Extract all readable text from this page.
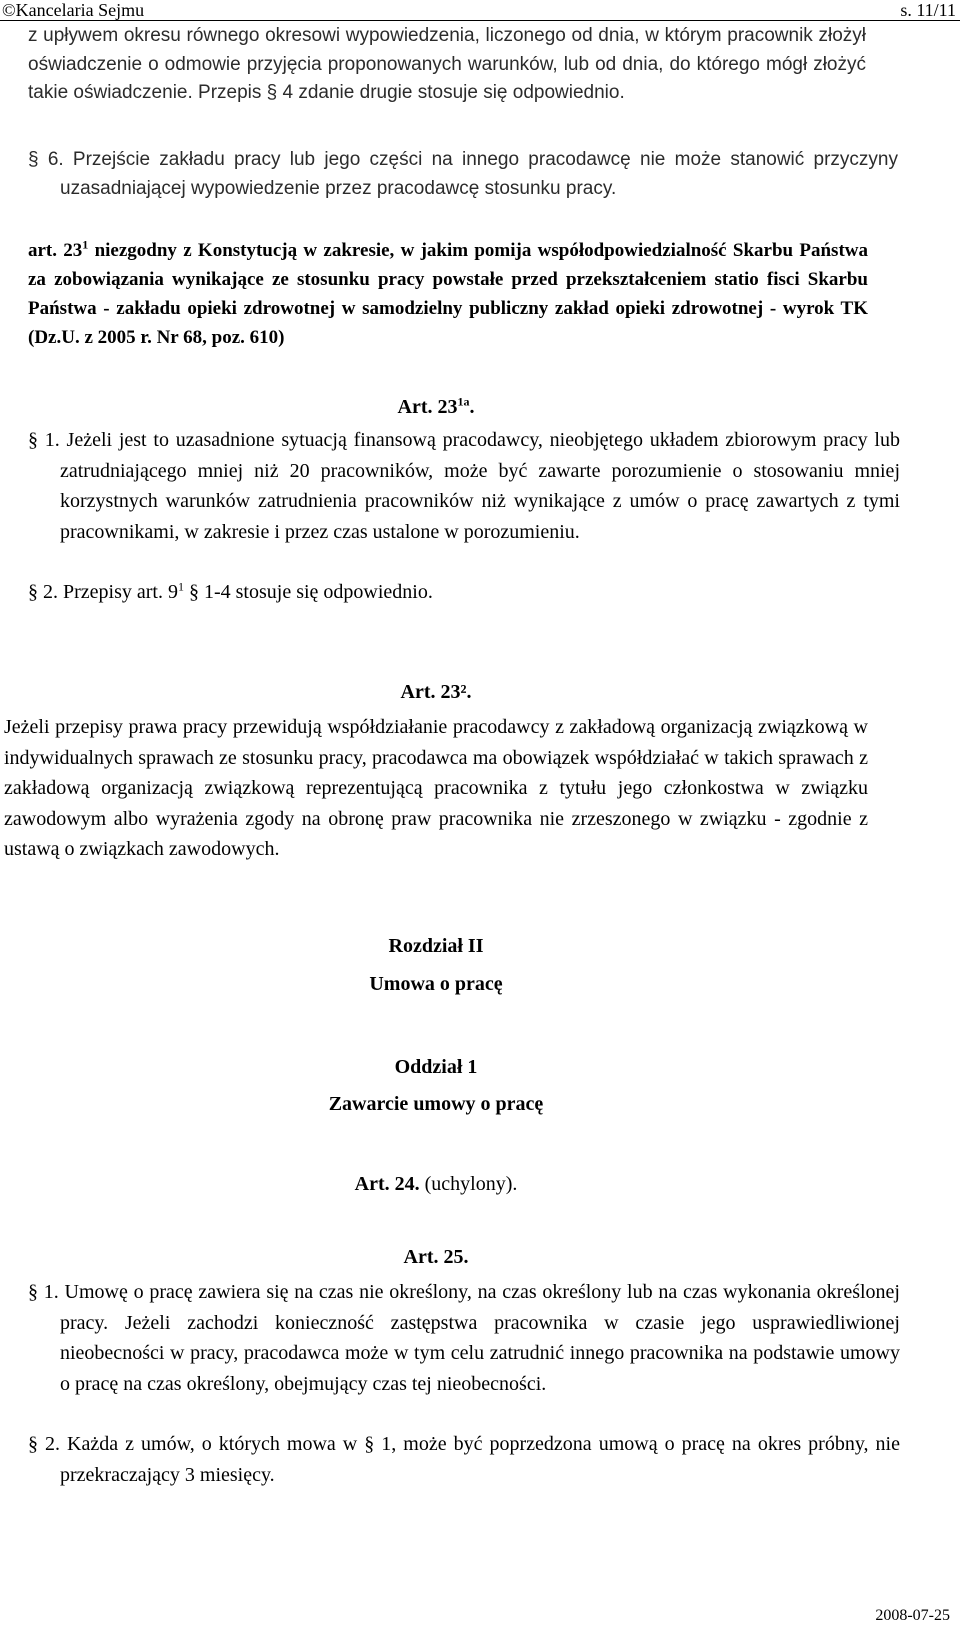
©Kancelaria Sejmu	s. 11/11
z upływem okresu równego okresowi wypowiedzenia, liczonego od dnia, w którym pracownik złożył oświadczenie o odmowie przyjęcia proponowanych warunków, lub od dnia, do którego mógł złożyć takie oświadczenie. Przepis § 4 zdanie drugie stosuje się odpowiednio.
§ 6. Przejście zakładu pracy lub jego części na innego pracodawcę nie może stanowić przyczyny uzasadniającej wypowiedzenie przez pracodawcę stosunku pracy.
art. $23^1$ niezgodny z Konstytucją w zakresie, w jakim pomija współodpowiedzialność Skarbu Państwa za zobowiązania wynikające ze stosunku pracy powstałe przed przekształceniem statio fisci Skarbu Państwa - zakładu opieki zdrowotnej w samodzielny publiczny zakład opieki zdrowotnej - wyrok TK (Dz.U. z 2005 r. Nr 68, poz. 610)
Art. $23^{1a}$.
§ 1. Jeżeli jest to uzasadnione sytuacją finansową pracodawcy, nieobjętego układem zbiorowym pracy lub zatrudniającego mniej niż 20 pracowników, może być zawarte porozumienie o stosowaniu mniej korzystnych warunków zatrudnienia pracowników niż wynikające z umów o pracę zawartych z tymi pracownikami, w zakresie i przez czas ustalone w porozumieniu.
§ 2. Przepisy art. $9^1$ § 1-4 stosuje się odpowiednio.
Art. 23².
Jeżeli przepisy prawa pracy przewidują współdziałanie pracodawcy z zakładową organizacją związkową w indywidualnych sprawach ze stosunku pracy, pracodawca ma obowiązek współdziałać w takich sprawach z zakładową organizacją związkową reprezentującą pracownika z tytułu jego członkostwa w związku zawodowym albo wyrażenia zgody na obronę praw pracownika nie zrzeszonego w związku - zgodnie z ustawą o związkach zawodowych.
Rozdział II
Umowa o pracę
Oddział 1
Zawarcie umowy o pracę
Art. 24. (uchylony).
Art. 25.
§ 1. Umowę o pracę zawiera się na czas nie określony, na czas określony lub na czas wykonania określonej pracy. Jeżeli zachodzi konieczność zastępstwa pracownika w czasie jego usprawiedliwionej nieobecności w pracy, pracodawca może w tym celu zatrudnić innego pracownika na podstawie umowy o pracę na czas określony, obejmujący czas tej nieobecności.
§ 2. Każda z umów, o których mowa w § 1, może być poprzedzona umową o pracę na okres próbny, nie przekraczający 3 miesięcy.
2008-07-25
